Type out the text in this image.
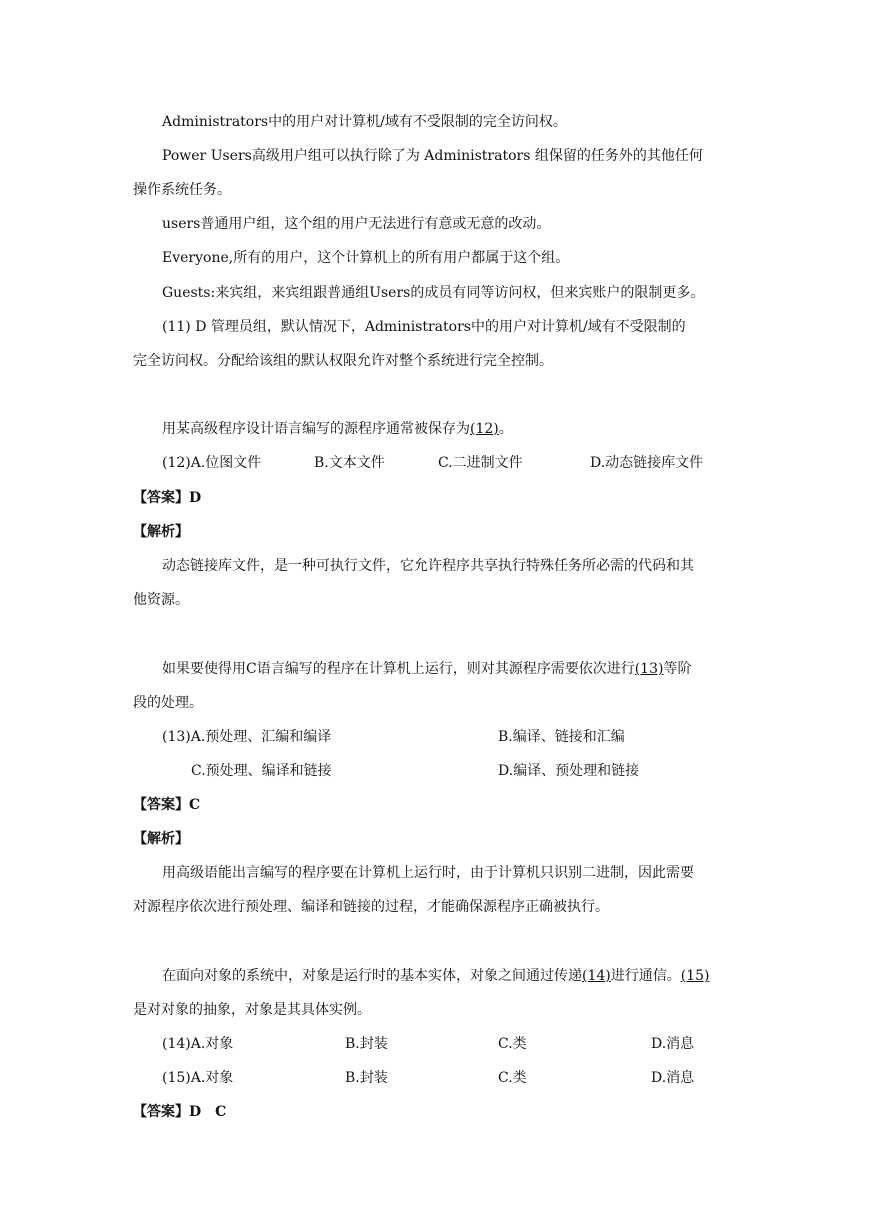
Administrators中的用户对计算机/域有不受限制的完全访问权。
Power Users高级用户组可以执行除了为 Administrators 组保留的任务外的其他任何
操作系统任务。
users普通用户组，这个组的用户无法进行有意或无意的改动。
Everyone,所有的用户，这个计算机上的所有用户都属于这个组。
Guests:来宾组，来宾组跟普通组Users的成员有同等访问权，但来宾账户的限制更多。
(11) D 管理员组，默认情况下，Administrators中的用户对计算机/域有不受限制的
完全访问权。分配给该组的默认权限允许对整个系统进行完全控制。
用某高级程序设计语言编写的源程序通常被保存为(12)。
(12)A.位图文件	B.文本文件	C.二进制文件	D.动态链接库文件
【答案】D
【解析】
动态链接库文件，是一种可执行文件，它允许程序共享执行特殊任务所必需的代码和其
他资源。
如果要使得用C语言编写的程序在计算机上运行，则对其源程序需要依次进行(13)等阶
段的处理。
(13)A.预处理、汇编和编译	B.编译、链接和汇编
C.预处理、编译和链接	D.编译、预处理和链接
【答案】C
【解析】
用高级语能出言编写的程序要在计算机上运行时，由于计算机只识别二进制，因此需要
对源程序依次进行预处理、编译和链接的过程，才能确保源程序正确被执行。
在面向对象的系统中，对象是运行时的基本实体，对象之间通过传递(14)进行通信。(15)
是对对象的抽象，对象是其具体实例。
(14)A.对象	B.封装	C.类	D.消息
(15)A.对象	B.封装	C.类	D.消息
【答案】D　C
